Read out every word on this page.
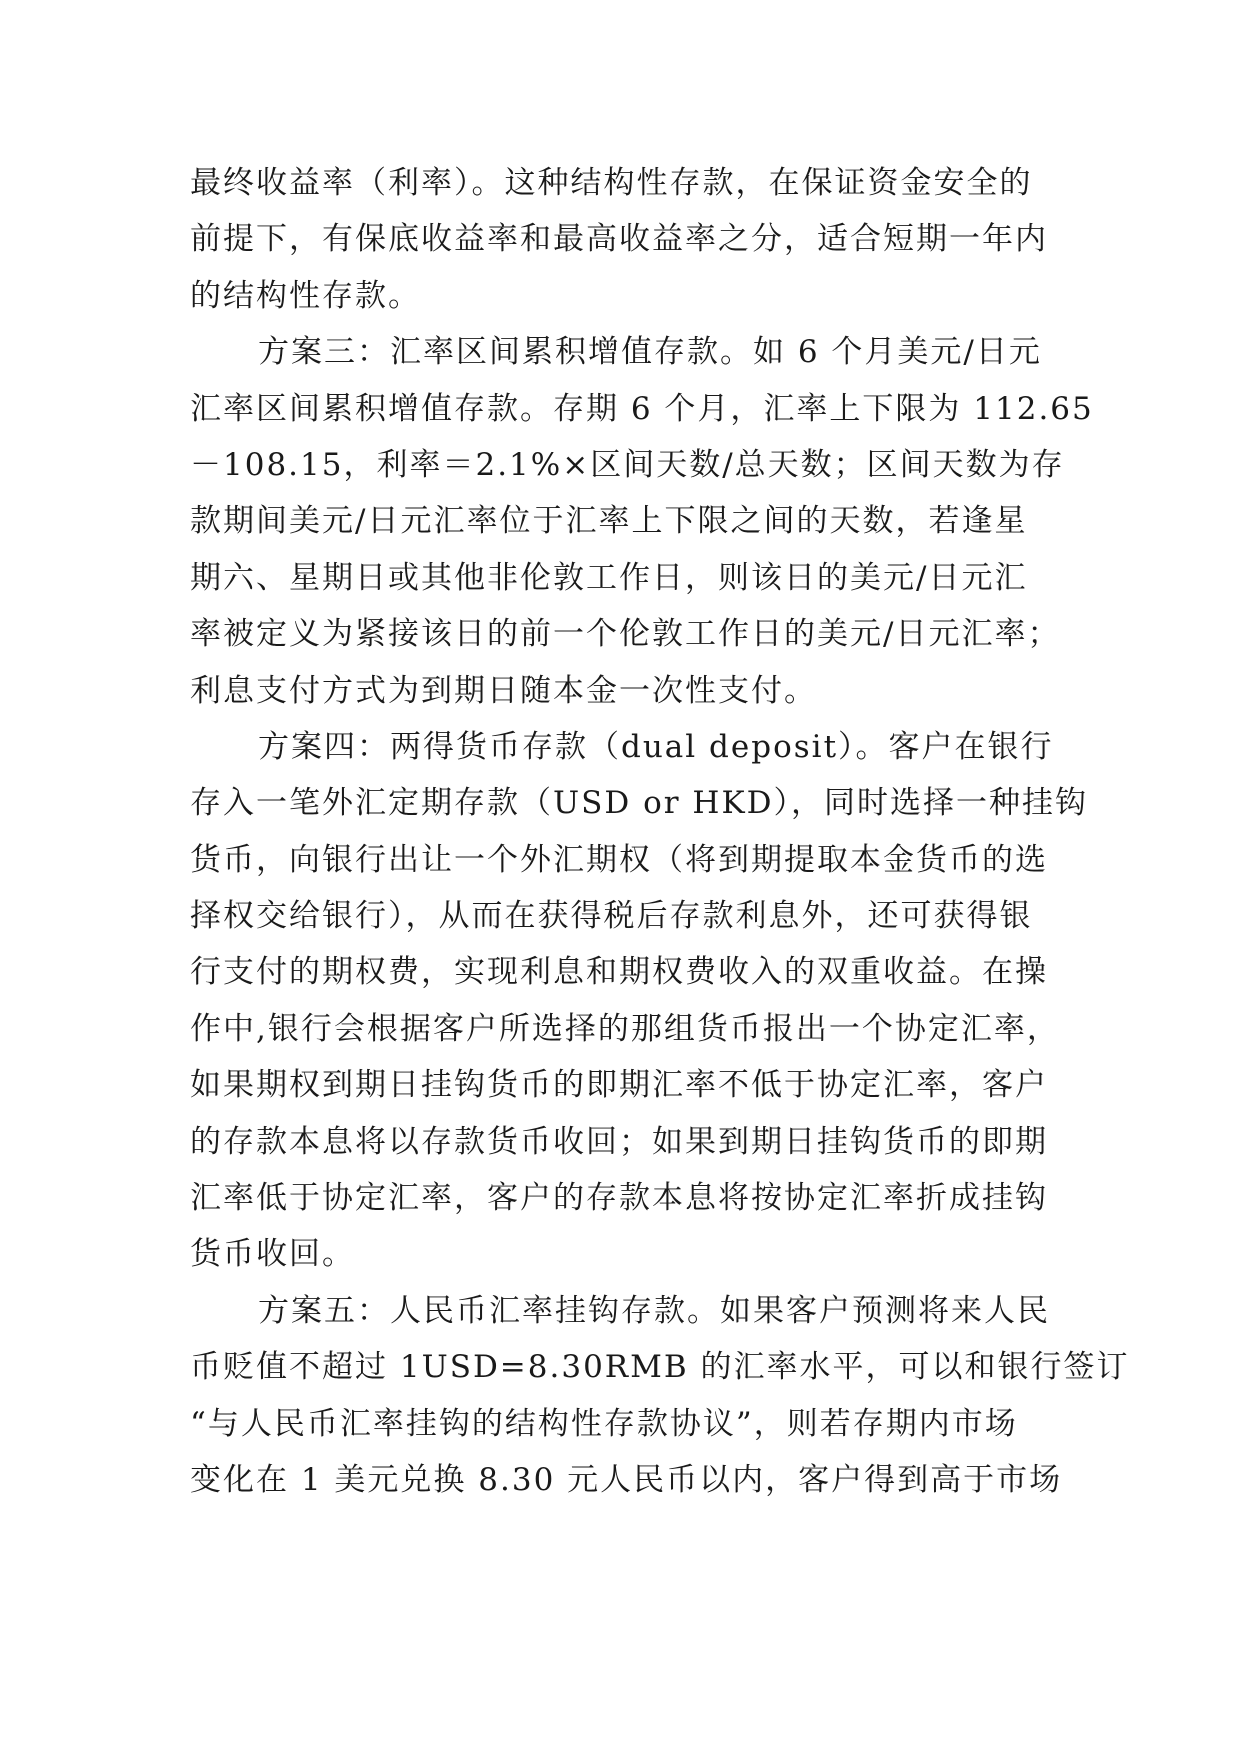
最终收益率（利率）。这种结构性存款，在保证资金安全的
前提下，有保底收益率和最高收益率之分，适合短期一年内
的结构性存款。
方案三：汇率区间累积增值存款。如 6 个月美元/日元
汇率区间累积增值存款。存期 6 个月，汇率上下限为 112.65
－108.15，利率＝2.1%×区间天数/总天数；区间天数为存
款期间美元/日元汇率位于汇率上下限之间的天数，若逢星
期六、星期日或其他非伦敦工作日，则该日的美元/日元汇
率被定义为紧接该日的前一个伦敦工作日的美元/日元汇率；
利息支付方式为到期日随本金一次性支付。
方案四：两得货币存款（dual deposit）。客户在银行
存入一笔外汇定期存款（USD or HKD），同时选择一种挂钩
货币，向银行出让一个外汇期权（将到期提取本金货币的选
择权交给银行），从而在获得税后存款利息外，还可获得银
行支付的期权费，实现利息和期权费收入的双重收益。在操
作中,银行会根据客户所选择的那组货币报出一个协定汇率，
如果期权到期日挂钩货币的即期汇率不低于协定汇率，客户
的存款本息将以存款货币收回；如果到期日挂钩货币的即期
汇率低于协定汇率，客户的存款本息将按协定汇率折成挂钩
货币收回。
方案五：人民币汇率挂钩存款。如果客户预测将来人民
币贬值不超过 1USD=8.30RMB 的汇率水平，可以和银行签订
“与人民币汇率挂钩的结构性存款协议”，则若存期内市场
变化在 1 美元兑换 8.30 元人民币以内，客户得到高于市场
